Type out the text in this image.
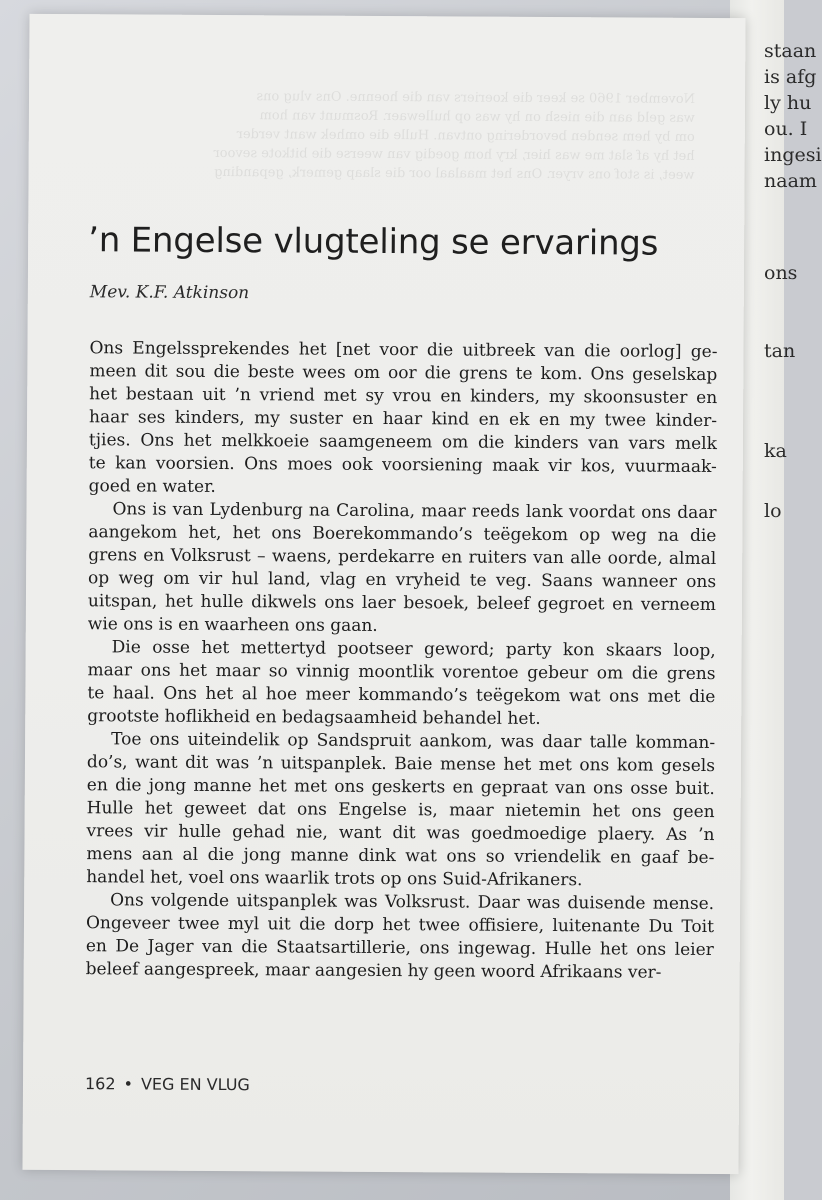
staan
is afg
ly hu
ou. I
ingesi
naam
ons
tan
ka
lo
November 1960 se keer die koeriers van die hoenne. Ons vlug ons
was geld aan die niesh on hy was op hullewaer. Rosmunt van hom
om by hem senden bevordering ontvan. Hulle die omhek want verder
het hy af slat me was hier, kry hom goedig van weerse die bitkote sevoor
weet, is stof ons vryer. Ons het maalaal oor die slaap gemerk, gepanding
’n Engelse vlugteling se ervarings
Mev. K.F. Atkinson

Ons Engelssprekendes het [net voor die uitbreek van die oorlog] ge-
meen dit sou die beste wees om oor die grens te kom. Ons geselskap
het bestaan uit ’n vriend met sy vrou en kinders, my skoonsuster en
haar ses kinders, my suster en haar kind en ek en my twee kinder-
tjies. Ons het melkkoeie saamgeneem om die kinders van vars melk
te kan voorsien. Ons moes ook voorsiening maak vir kos, vuurmaak-
goed en water.

Ons is van Lydenburg na Carolina, maar reeds lank voordat ons daar
aangekom het, het ons Boerekommando’s teëgekom op weg na die
grens en Volksrust – waens, perdekarre en ruiters van alle oorde, almal
op weg om vir hul land, vlag en vryheid te veg. Saans wanneer ons
uitspan, het hulle dikwels ons laer besoek, beleef gegroet en verneem
wie ons is en waarheen ons gaan.

Die osse het mettertyd pootseer geword; party kon skaars loop,
maar ons het maar so vinnig moontlik vorentoe gebeur om die grens
te haal. Ons het al hoe meer kommando’s teëgekom wat ons met die
grootste hoflikheid en bedagsaamheid behandel het.

Toe ons uiteindelik op Sandspruit aankom, was daar talle komman-
do’s, want dit was ’n uitspanplek. Baie mense het met ons kom gesels
en die jong manne het met ons geskerts en gepraat van ons osse buit.
Hulle het geweet dat ons Engelse is, maar nietemin het ons geen
vrees vir hulle gehad nie, want dit was goedmoedige plaery. As ’n
mens aan al die jong manne dink wat ons so vriendelik en gaaf be-
handel het, voel ons waarlik trots op ons Suid-Afrikaners.

Ons volgende uitspanplek was Volksrust. Daar was duisende mense.
Ongeveer twee myl uit die dorp het twee offisiere, luitenante Du Toit
en De Jager van die Staatsartillerie, ons ingewag. Hulle het ons leier
beleef aangespreek, maar aangesien hy geen woord Afrikaans ver-

162 • VEG EN VLUG
